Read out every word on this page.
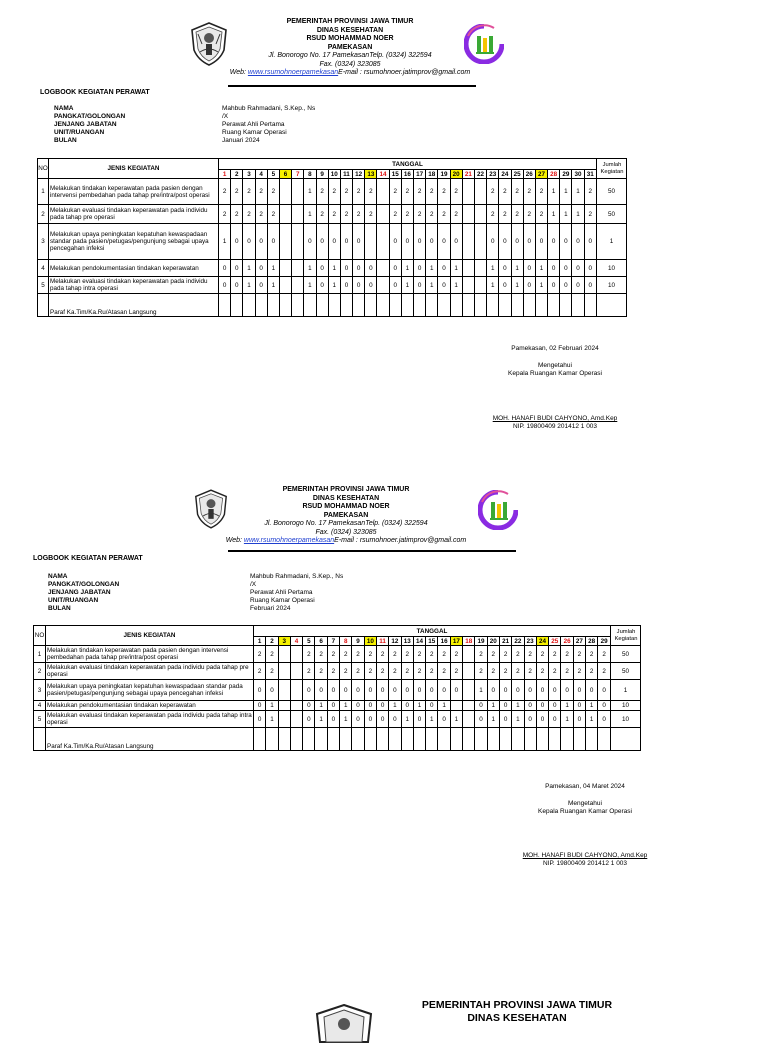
PEMERINTAH PROVINSI JAWA TIMUR
DINAS KESEHATAN
RSUD MOHAMMAD NOER
PAMEKASAN
Jl. Bonorogo No. 17 PamekasanTelp. (0324) 322594
Fax. (0324) 323085
Web: www.rsumohnoerpamekasanE-mail : rsumohnoer.jatimprov@gmail.com
LOGBOOK KEGIATAN PERAWAT
NAMA	Mahbub Rahmadani, S.Kep., Ns
PANGKAT/GOLONGAN	/X
JENJANG JABATAN	Perawat Ahli Pertama
UNIT/RUANGAN	Ruang Kamar Operasi
BULAN	Januari 2024
NO	JENIS KEGIATAN	TANGGAL																															Jumlah Kegiatan
		1	2	3	4	5	6	7	8	9	10	11	12	13	14	15	16	17	18	19	20	21	22	23	24	25	26	27	28	29	30	31	
1	Melakukan tindakan keperawatan pada pasien dengan intervensi pembedahan pada tahap pre/intra/post operasi	2	2	2	2	2			1	2	2	2	2	2		2	2	2	2	2	2			2	2	2	2	2	1	1	1	2	50
2	Melakukan evaluasi tindakan keperawatan pada individu pada tahap pre operasi	2	2	2	2	2			1	2	2	2	2	2		2	2	2	2	2	2			2	2	2	2	2	1	1	1	2	50
3	Melakukan upaya peningkatan kepatuhan kewaspadaan standar pada pasien/petugas/pengunjung sebagai upaya pencegahan infeksi	1	0	0	0	0			0	0	0	0	0			0	0	0	0	0	0			0	0	0	0	0	0	0	0	0	1
4	Melakukan pendokumentasian tindakan keperawatan	0	0	1	0	1			1	0	1	0	0	0		0	1	0	1	0	1			1	0	1	0	1	0	0	0	0	10
5	Melakukan evaluasi tindakan keperawatan pada individu pada tahap intra operasi	0	0	1	0	1			1	0	1	0	0	0		0	1	0	1	0	1			1	0	1	0	1	0	0	0	0	10
	Paraf Ka.Tim/Ka.Ru/Atasan Langsung																																
Pamekasan, 02 Februari 2024
Mengetahui
Kepala Ruangan Kamar Operasi
MOH. HANAFI BUDI CAHYONO, Amd.Kep
NIP. 19800409 201412 1 003
PEMERINTAH PROVINSI JAWA TIMUR
DINAS KESEHATAN
RSUD MOHAMMAD NOER
PAMEKASAN
Jl. Bonorogo No. 17 PamekasanTelp. (0324) 322594
Fax. (0324) 323085
Web: www.rsumohnoerpamekasanE-mail : rsumohnoer.jatimprov@gmail.com
LOGBOOK KEGIATAN PERAWAT
NAMA	Mahbub Rahmadani, S.Kep., Ns
PANGKAT/GOLONGAN	/X
JENJANG JABATAN	Perawat Ahli Pertama
UNIT/RUANGAN	Ruang Kamar Operasi
BULAN	Februari 2024
NO	JENIS KEGIATAN	TANGGAL																													Jumlah Kegiatan
		1	2	3	4	5	6	7	8	9	10	11	12	13	14	15	16	17	18	19	20	21	22	23	24	25	26	27	28	29	
1	Melakukan tindakan keperawatan pada pasien dengan intervensi pembedahan pada tahap pre/intra/post operasi	2	2			2	2	2	2	2	2	2	2	2	2	2	2	2		2	2	2	2	2	2	2	2	2	2	2	50
2	Melakukan evaluasi tindakan keperawatan pada individu pada tahap pre operasi	2	2			2	2	2	2	2	2	2	2	2	2	2	2	2		2	2	2	2	2	2	2	2	2	2	2	50
3	Melakukan upaya peningkatan kepatuhan kewaspadaan standar pada pasien/petugas/pengunjung sebagai upaya pencegahan infeksi	0	0			0	0	0	0	0	0	0	0	0	0	0	0	0		1	0	0	0	0	0	0	0	0	0	0	1
4	Melakukan pendokumentasian tindakan keperawatan	0	1			0	1	0	1	0	0	0	1	0	1	0	1			0	1	0	1	0	0	0	1	0	1	0	10
5	Melakukan evaluasi tindakan keperawatan pada individu pada tahap intra operasi	0	1			0	1	0	1	0	0	0	0	1	0	1	0	1		0	1	0	1	0	0	0	1	0	1	0	10
	Paraf Ka.Tim/Ka.Ru/Atasan Langsung																														
Pamekasan, 04 Maret 2024
Mengetahui
Kepala Ruangan Kamar Operasi
MOH. HANAFI BUDI CAHYONO, Amd.Kep
NIP. 19800409 201412 1 003
PEMERINTAH PROVINSI JAWA TIMUR
DINAS KESEHATAN
